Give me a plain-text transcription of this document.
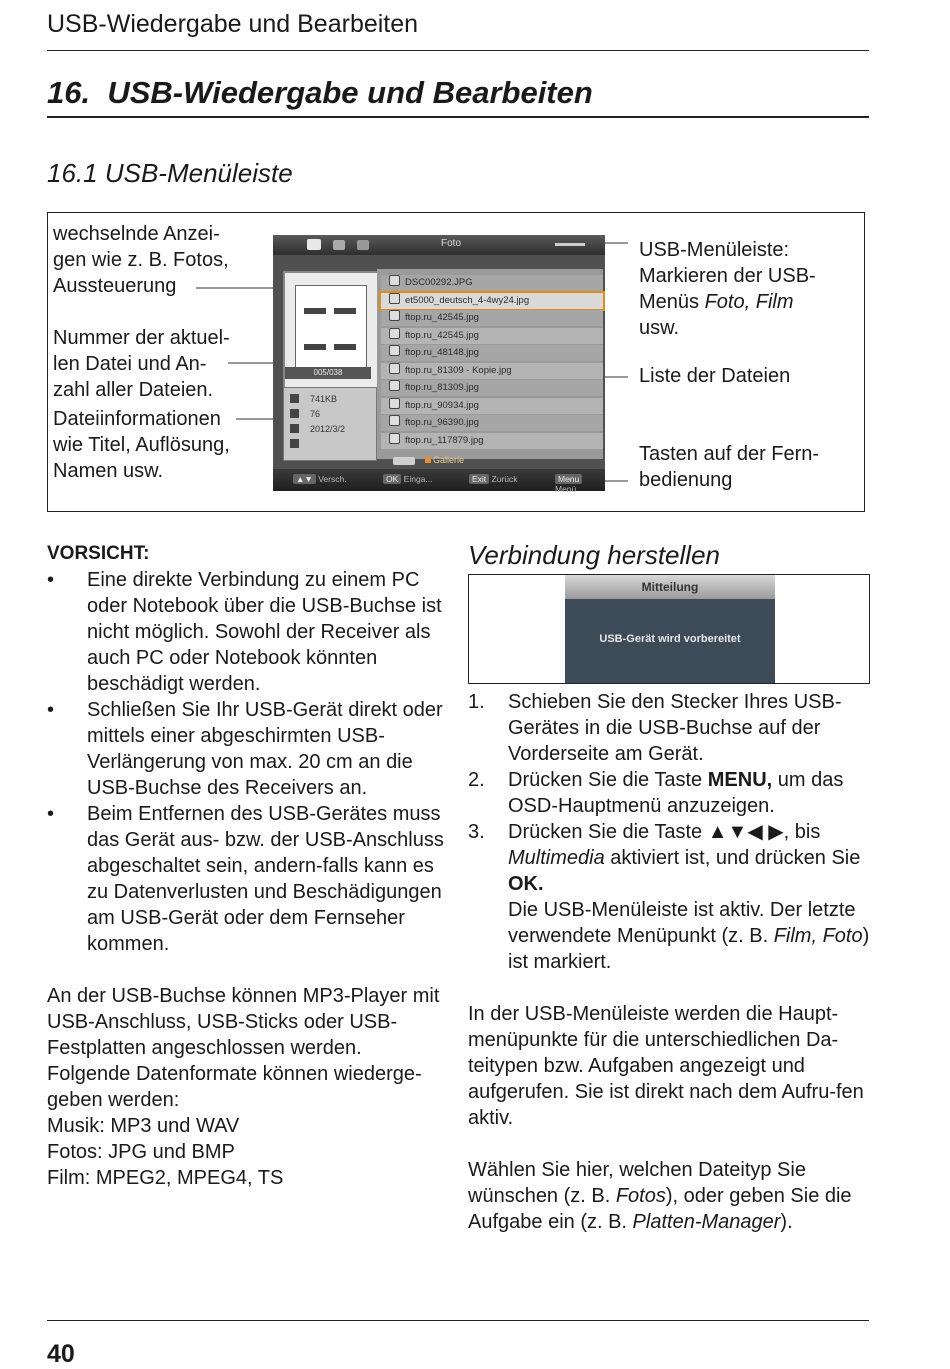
USB-Wiedergabe und Bearbeiten
16. USB-Wiedergabe und Bearbeiten
16.1 USB-Menüleiste
wechselnde Anzei-
gen wie z. B. Fotos,
Aussteuerung
Nummer der aktuel-
len Datei und An-
zahl aller Dateien.
Dateiinformationen
wie Titel, Auflösung,
Namen usw.
USB-Menüleiste:
Markieren der USB-
Menüs Foto, Film
usw.
Liste der Dateien
Tasten auf der Fern-
bedienung
Foto
005/038
741KB
76
2012/3/2
Gallerie
▲▼ Versch.	OK Einga...	Exit Zurück	Menu Menü
DSC00292.JPG
et5000_deutsch_4-4wy24.jpg
ftop.ru_42545.jpg
ftop.ru_42545.jpg
ftop.ru_48148.jpg
ftop.ru_81309 - Kopie.jpg
ftop.ru_81309.jpg
ftop.ru_90934.jpg
ftop.ru_96390.jpg
ftop.ru_117879.jpg
VORSICHT:
• Eine direkte Verbindung zu einem PC oder Notebook über die USB-Buchse ist nicht möglich. Sowohl der Receiver als auch PC oder Notebook könnten beschädigt werden.
• Schließen Sie Ihr USB-Gerät direkt oder mittels einer abgeschirmten USB-Verlängerung von max. 20 cm an die USB-Buchse des Receivers an.
• Beim Entfernen des USB-Gerätes muss das Gerät aus- bzw. der USB-Anschluss abgeschaltet sein, andern-falls kann es zu Datenverlusten und Beschädigungen am USB-Gerät oder dem Fernseher kommen.
An der USB-Buchse können MP3-Player mit USB-Anschluss, USB-Sticks oder USB-Festplatten angeschlossen werden. Folgende Datenformate können wiederge-geben werden:
Musik: MP3 und WAV
Fotos: JPG und BMP
Film: MPEG2, MPEG4, TS
Verbindung herstellen
Mitteilung
USB-Gerät wird vorbereitet
1. Schieben Sie den Stecker Ihres USB-Gerätes in die USB-Buchse auf der Vorderseite am Gerät.
2. Drücken Sie die Taste MENU, um das OSD-Hauptmenü anzuzeigen.
3. Drücken Sie die Taste ▲▼◀ ▶, bis Multimedia aktiviert ist, und drücken Sie OK.
Die USB-Menüleiste ist aktiv. Der letzte verwendete Menüpunkt (z. B. Film, Foto) ist markiert.
In der USB-Menüleiste werden die Haupt-menüpunkte für die unterschiedlichen Da-teitypen bzw. Aufgaben angezeigt und aufgerufen. Sie ist direkt nach dem Aufru-fen aktiv.
Wählen Sie hier, welchen Dateityp Sie wünschen (z. B. Fotos), oder geben Sie die Aufgabe ein (z. B. Platten-Manager).
40
